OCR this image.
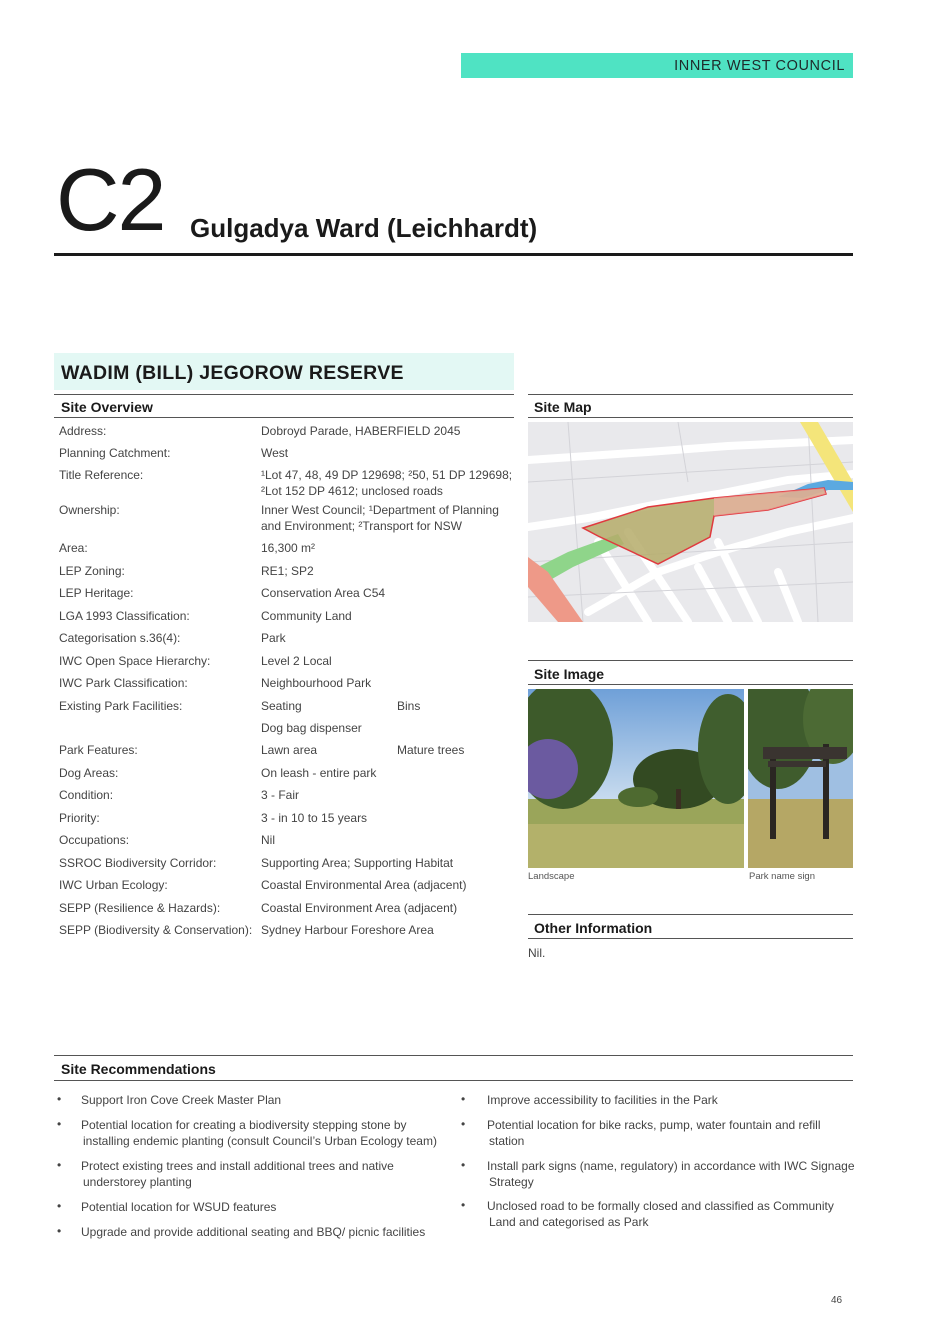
INNER WEST COUNCIL
C2 Gulgadya Ward (Leichhardt)
WADIM (BILL) JEGOROW RESERVE
Site Overview
Address:	Dobroyd Parade, HABERFIELD 2045
Planning Catchment:	West
Title Reference:	¹Lot 47, 48, 49 DP 129698; ²50, 51 DP 129698;
²Lot 152 DP 4612; unclosed roads
Ownership:	Inner West Council; ¹Department of Planning
and Environment; ²Transport for NSW
Area:	16,300 m²
LEP Zoning:	RE1; SP2
LEP Heritage:	Conservation Area C54
LGA 1993 Classification:	Community Land
Categorisation s.36(4):	Park
IWC Open Space Hierarchy:	Level 2 Local
IWC Park Classification:	Neighbourhood Park
Existing Park Facilities:	Seating	Bins
Dog bag dispenser
Park Features:	Lawn area	Mature trees
Dog Areas:	On leash - entire park
Condition:	3 - Fair
Priority:	3 - in 10 to 15 years
Occupations:	Nil
SSROC Biodiversity Corridor:	Supporting Area; Supporting Habitat
IWC Urban Ecology:	Coastal Environmental Area (adjacent)
SEPP (Resilience & Hazards):	Coastal Environment Area (adjacent)
SEPP (Biodiversity & Conservation): Sydney Harbour Foreshore Area
Site Map
Site Image
Landscape	Park name sign
Other Information
Nil.
Site Recommendations
• Support Iron Cove Creek Master Plan
• Potential location for creating a biodiversity stepping stone by
installing endemic planting (consult Council’s Urban Ecology team)
• Protect existing trees and install additional trees and native
understorey planting
• Potential location for WSUD features
• Upgrade and provide additional seating and BBQ/ picnic facilities
• Improve accessibility to facilities in the Park
• Potential location for bike racks, pump, water fountain and refill
station
• Install park signs (name, regulatory) in accordance with IWC Signage
Strategy
• Unclosed road to be formally closed and classified as Community
Land and categorised as Park
46
